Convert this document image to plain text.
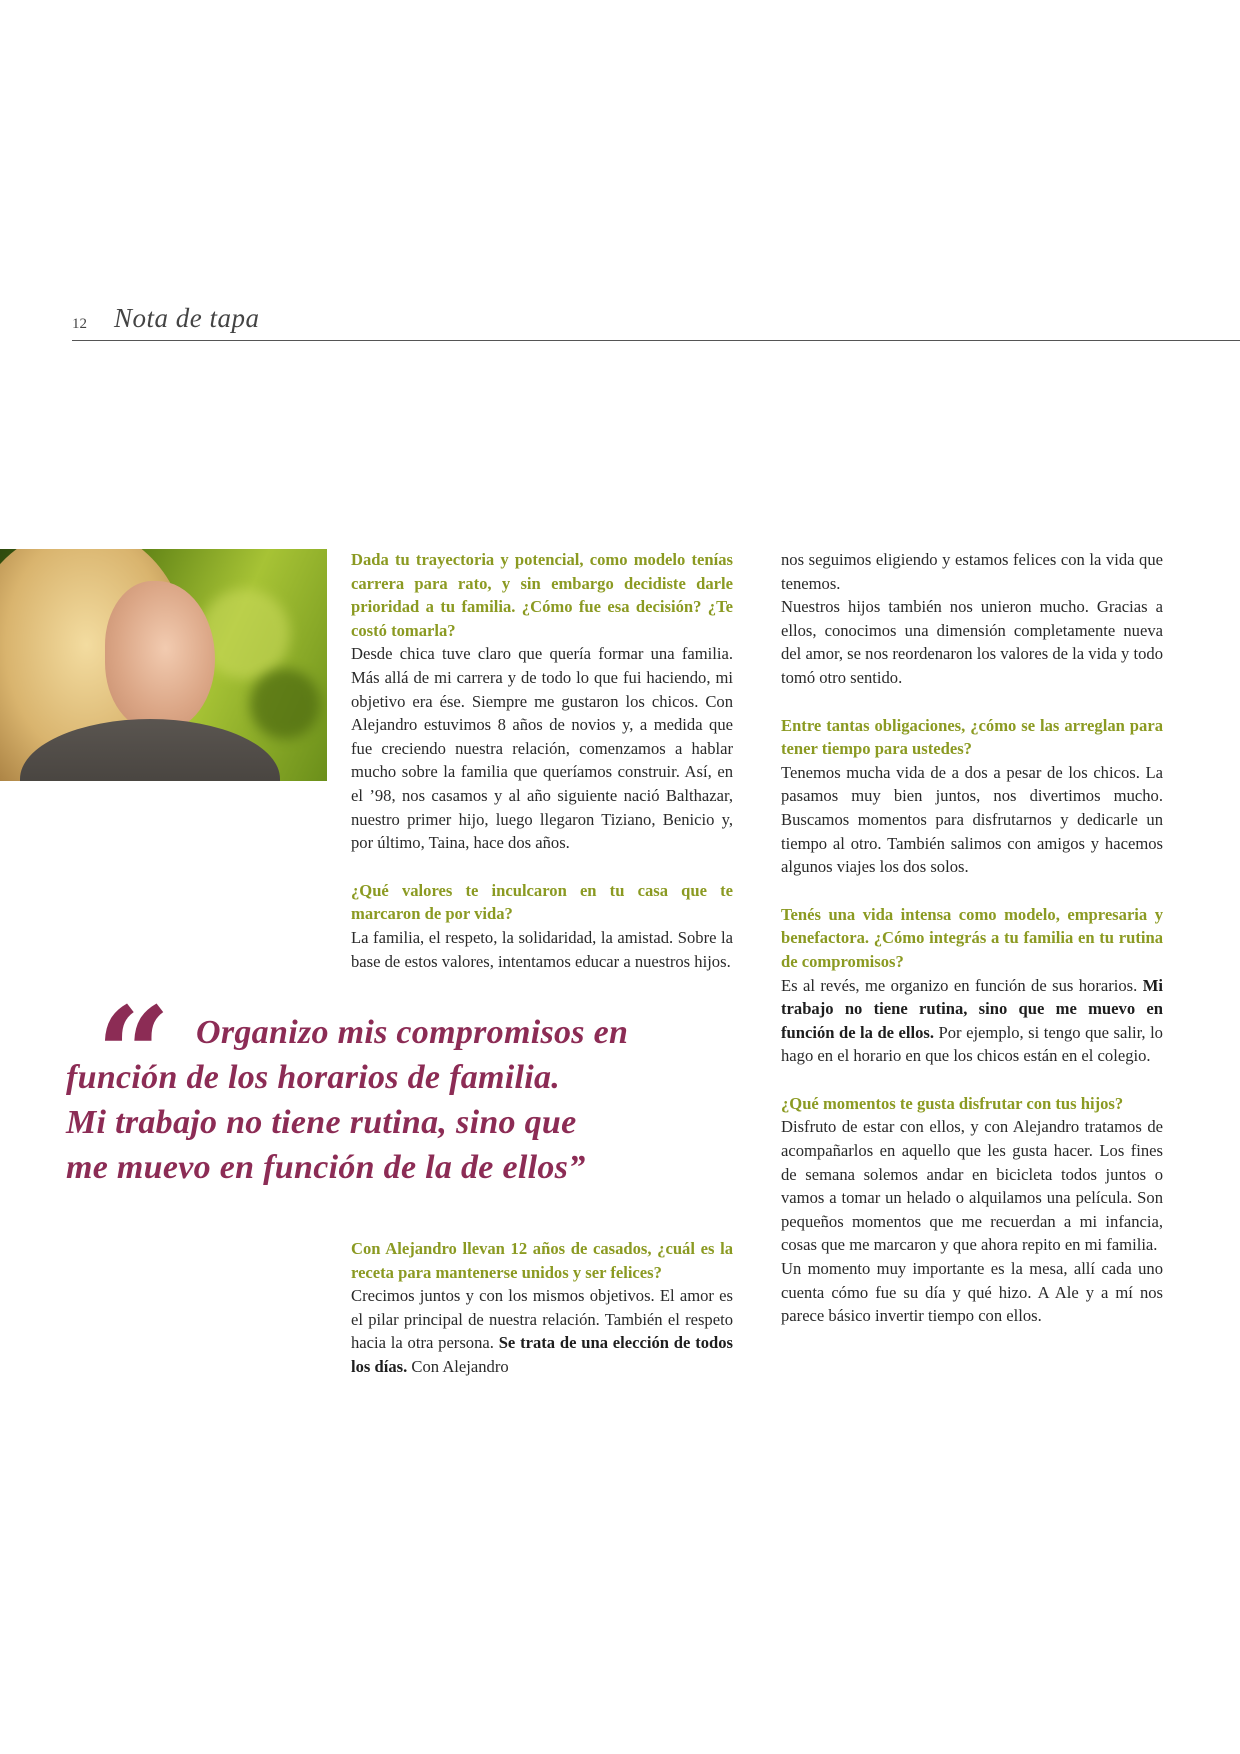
12 Nota de tapa
Dada tu trayectoria y potencial, como modelo tenías carrera para rato, y sin embargo decidiste darle prioridad a tu familia. ¿Cómo fue esa decisión? ¿Te costó tomarla?

Desde chica tuve claro que quería formar una familia. Más allá de mi carrera y de todo lo que fui haciendo, mi objetivo era ése. Siempre me gustaron los chicos. Con Alejandro estuvimos 8 años de novios y, a medida que fue creciendo nuestra relación, comenzamos a hablar mucho sobre la familia que queríamos construir. Así, en el ’98, nos casamos y al año siguiente nació Balthazar, nuestro primer hijo, luego llegaron Tiziano, Benicio y, por último, Taina, hace dos años.

¿Qué valores te inculcaron en tu casa que te marcaron de por vida?

La familia, el respeto, la solidaridad, la amistad. Sobre la base de estos valores, intentamos educar a nuestros hijos.

“ Organizo mis compromisos en
función de los horarios de familia.
Mi trabajo no tiene rutina, sino que
me muevo en función de la de ellos”
Con Alejandro llevan 12 años de casados, ¿cuál es la receta para mantenerse unidos y ser felices?

Crecimos juntos y con los mismos objetivos. El amor es el pilar principal de nuestra relación. También el respeto hacia la otra persona. Se trata de una elección de todos los días. Con Alejandro

nos seguimos eligiendo y estamos felices con la vida que tenemos.

Nuestros hijos también nos unieron mucho. Gracias a ellos, conocimos una dimensión completamente nueva del amor, se nos reordenaron los valores de la vida y todo tomó otro sentido.

Entre tantas obligaciones, ¿cómo se las arreglan para tener tiempo para ustedes?

Tenemos mucha vida de a dos a pesar de los chicos. La pasamos muy bien juntos, nos divertimos mucho. Buscamos momentos para disfrutarnos y dedicarle un tiempo al otro. También salimos con amigos y hacemos algunos viajes los dos solos.

Tenés una vida intensa como modelo, empresaria y benefactora. ¿Cómo integrás a tu familia en tu rutina de compromisos?

Es al revés, me organizo en función de sus horarios. Mi trabajo no tiene rutina, sino que me muevo en función de la de ellos. Por ejemplo, si tengo que salir, lo hago en el horario en que los chicos están en el colegio.

¿Qué momentos te gusta disfrutar con tus hijos?

Disfruto de estar con ellos, y con Alejandro tratamos de acompañarlos en aquello que les gusta hacer. Los fines de semana solemos andar en bicicleta todos juntos o vamos a tomar un helado o alquilamos una película. Son pequeños momentos que me recuerdan a mi infancia, cosas que me marcaron y que ahora repito en mi familia.

Un momento muy importante es la mesa, allí cada uno cuenta cómo fue su día y qué hizo. A Ale y a mí nos parece básico invertir tiempo con ellos.
